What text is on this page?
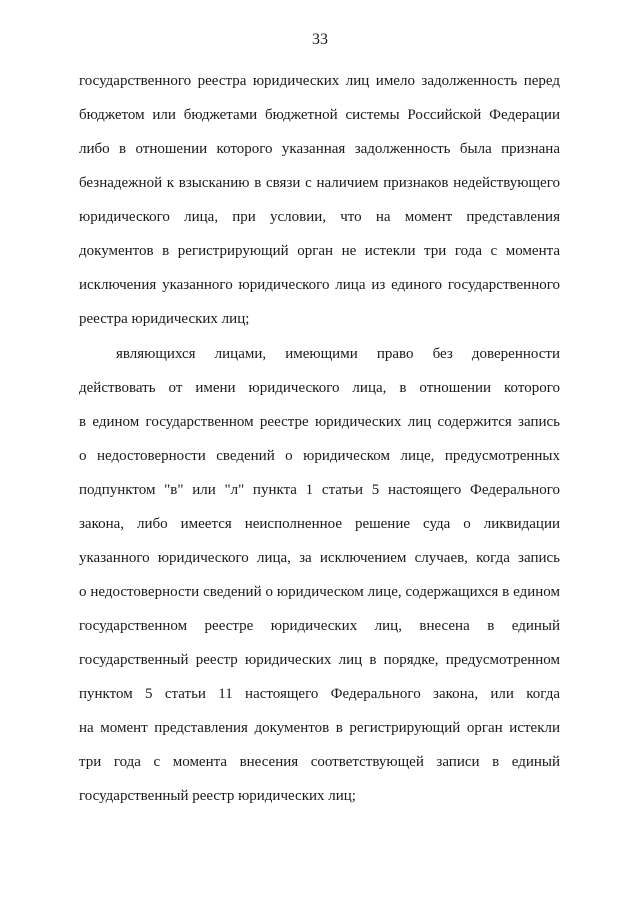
33
государственного реестра юридических лиц имело задолженность перед
бюджетом или бюджетами бюджетной системы Российской Федерации
либо в отношении которого указанная задолженность была признана
безнадежной к взысканию в связи с наличием признаков недействующего
юридического лица, при условии, что на момент представления
документов в регистрирующий орган не истекли три года с момента
исключения указанного юридического лица из единого государственного
реестра юридических лиц;
являющихся лицами, имеющими право без доверенности
действовать от имени юридического лица, в отношении которого
в едином государственном реестре юридических лиц содержится запись
о недостоверности сведений о юридическом лице, предусмотренных
подпунктом "в" или "л" пункта 1 статьи 5 настоящего Федерального
закона, либо имеется неисполненное решение суда о ликвидации
указанного юридического лица, за исключением случаев, когда запись
о недостоверности сведений о юридическом лице, содержащихся в едином
государственном реестре юридических лиц, внесена в единый
государственный реестр юридических лиц в порядке, предусмотренном
пунктом 5 статьи 11 настоящего Федерального закона, или когда
на момент представления документов в регистрирующий орган истекли
три года с момента внесения соответствующей записи в единый
государственный реестр юридических лиц;
